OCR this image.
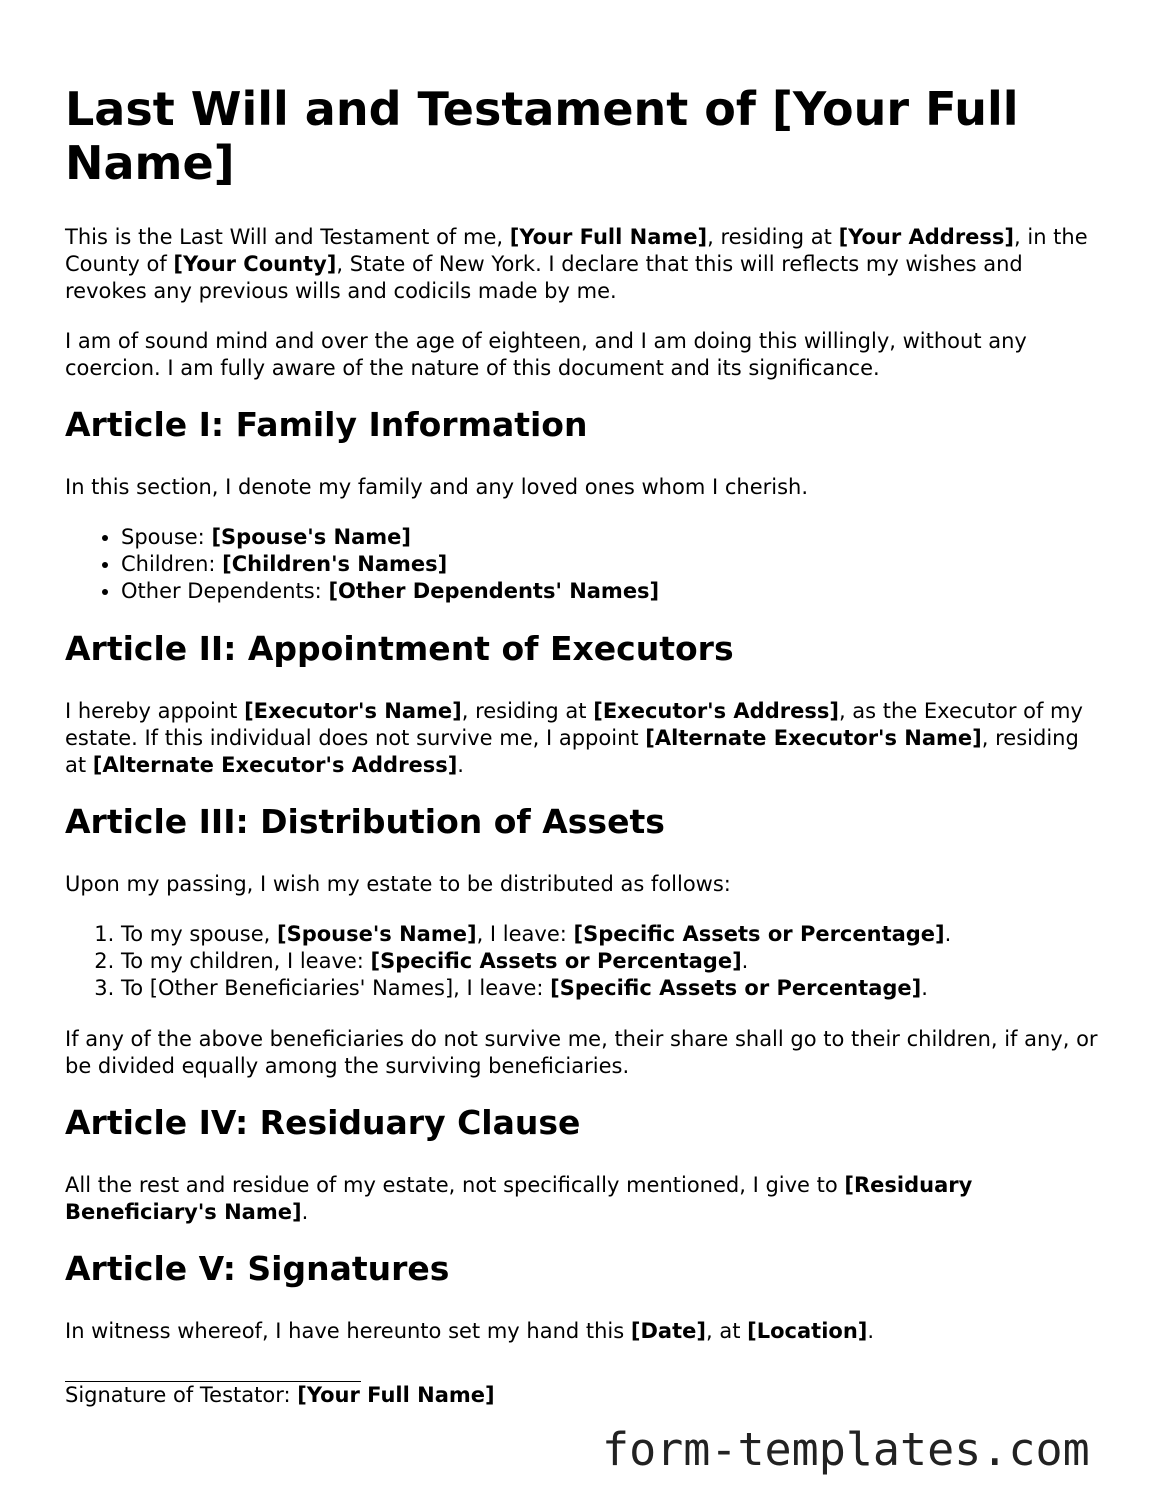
Last Will and Testament of [Your Full Name]

This is the Last Will and Testament of me, [Your Full Name], residing at [Your Address], in the County of [Your County], State of New York. I declare that this will reflects my wishes and revokes any previous wills and codicils made by me.

I am of sound mind and over the age of eighteen, and I am doing this willingly, without any coercion. I am fully aware of the nature of this document and its significance.

Article I: Family Information

In this section, I denote my family and any loved ones whom I cherish.

• Spouse: [Spouse's Name]
• Children: [Children's Names]
• Other Dependents: [Other Dependents' Names]
Article II: Appointment of Executors

I hereby appoint [Executor's Name], residing at [Executor's Address], as the Executor of my estate. If this individual does not survive me, I appoint [Alternate Executor's Name], residing at [Alternate Executor's Address].

Article III: Distribution of Assets

Upon my passing, I wish my estate to be distributed as follows:

1. To my spouse, [Spouse's Name], I leave: [Specific Assets or Percentage].
2. To my children, I leave: [Specific Assets or Percentage].
3. To [Other Beneficiaries' Names], I leave: [Specific Assets or Percentage].

If any of the above beneficiaries do not survive me, their share shall go to their children, if any, or be divided equally among the surviving beneficiaries.

Article IV: Residuary Clause

All the rest and residue of my estate, not specifically mentioned, I give to [Residuary Beneficiary's Name].

Article V: Signatures

In witness whereof, I have hereunto set my hand this [Date], at [Location].

Signature of Testator: [Your Full Name]

form-templates.com
